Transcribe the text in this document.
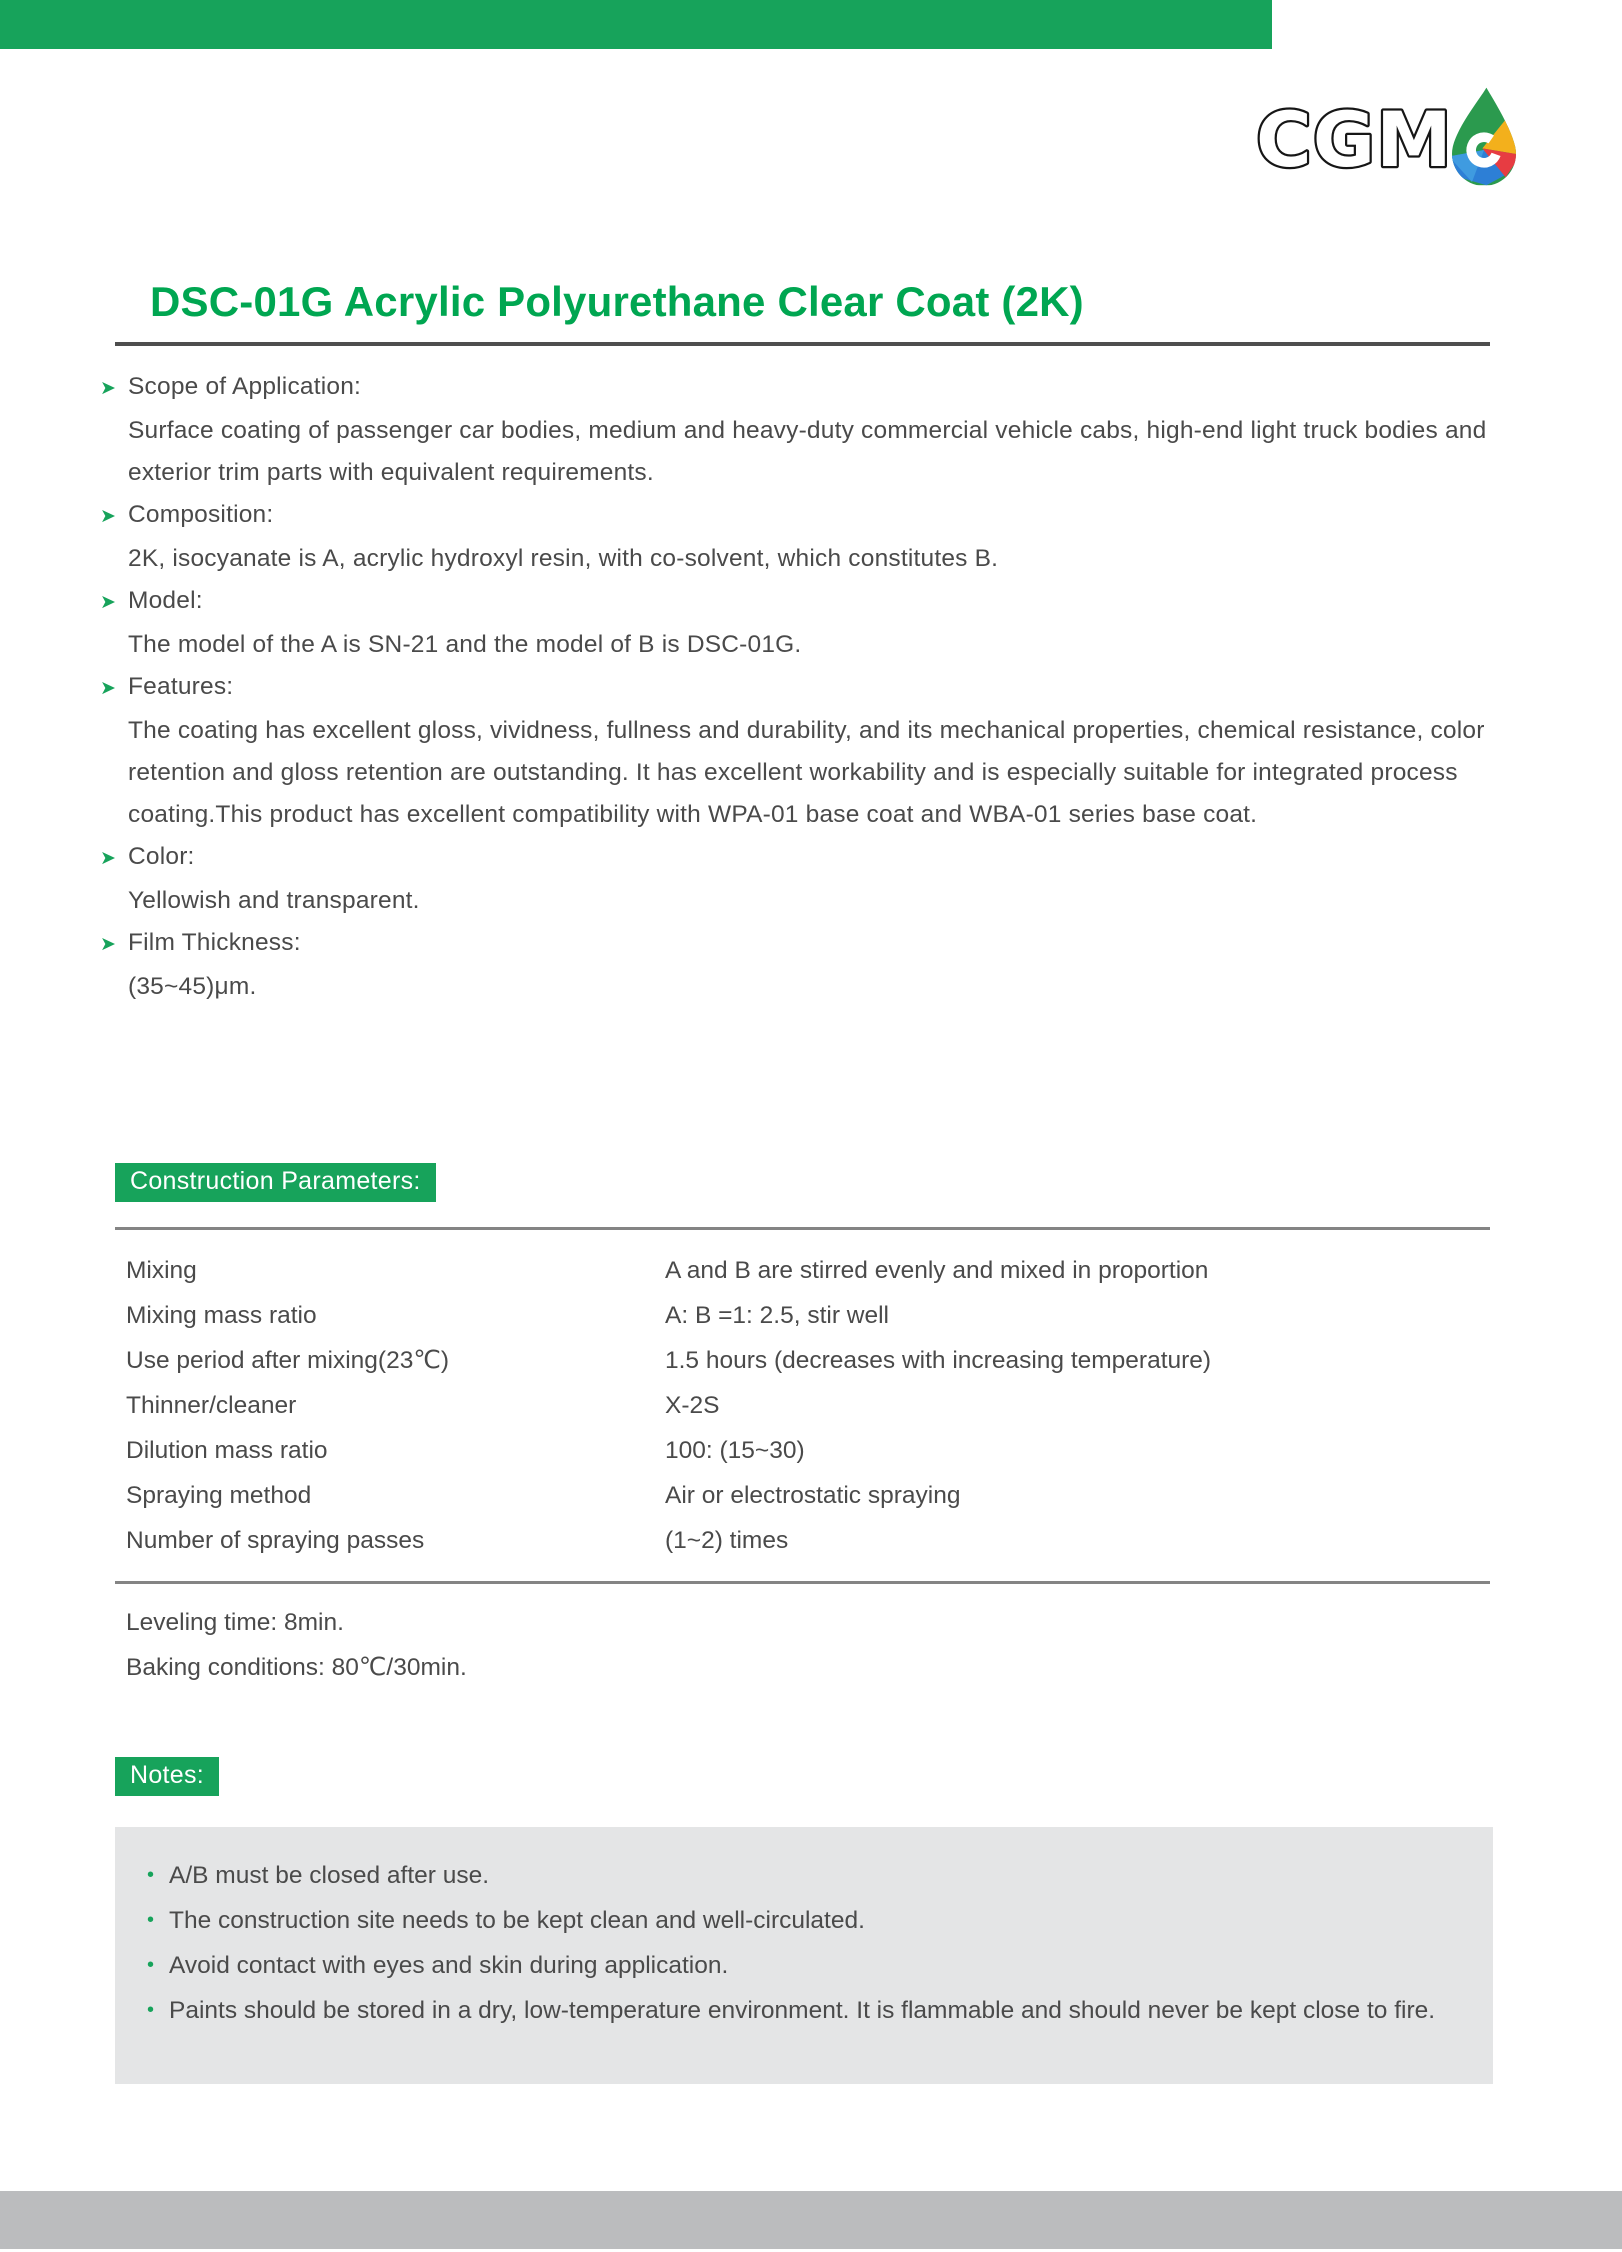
Changzhou Wujin Chenguang Metal Coating Co., Ltd.	Instruction Manual	CGM
DSC-01G Acrylic Polyurethane Clear Coat (2K)
➤ Scope of Application:
Surface coating of passenger car bodies, medium and heavy-duty commercial vehicle cabs, high-end light truck bodies and exterior trim parts with equivalent requirements.
➤ Composition:
2K, isocyanate is A, acrylic hydroxyl resin, with co-solvent, which constitutes B.
➤ Model:
The model of the A is SN-21 and the model of B is DSC-01G.
➤ Features:
The coating has excellent gloss, vividness, fullness and durability, and its mechanical properties, chemical resistance, color retention and gloss retention are outstanding. It has excellent workability and is especially suitable for integrated process coating.This product has excellent compatibility with WPA-01 base coat and WBA-01 series base coat.
➤ Color:
Yellowish and transparent.
➤ Film Thickness:
(35~45)μm.
Construction Parameters:
Mixing	A and B are stirred evenly and mixed in proportion
Mixing mass ratio	A: B =1: 2.5, stir well
Use period after mixing(23℃)	1.5 hours (decreases with increasing temperature)
Thinner/cleaner	X-2S
Dilution mass ratio	100: (15~30)
Spraying method	Air or electrostatic spraying
Number of spraying passes	(1~2) times
Leveling time: 8min.
Baking conditions: 80℃/30min.
Notes:
• A/B must be closed after use.
• The construction site needs to be kept clean and well-circulated.
• Avoid contact with eyes and skin during application.
• Paints should be stored in a dry, low-temperature environment. It is flammable and should never be kept close to fire.
